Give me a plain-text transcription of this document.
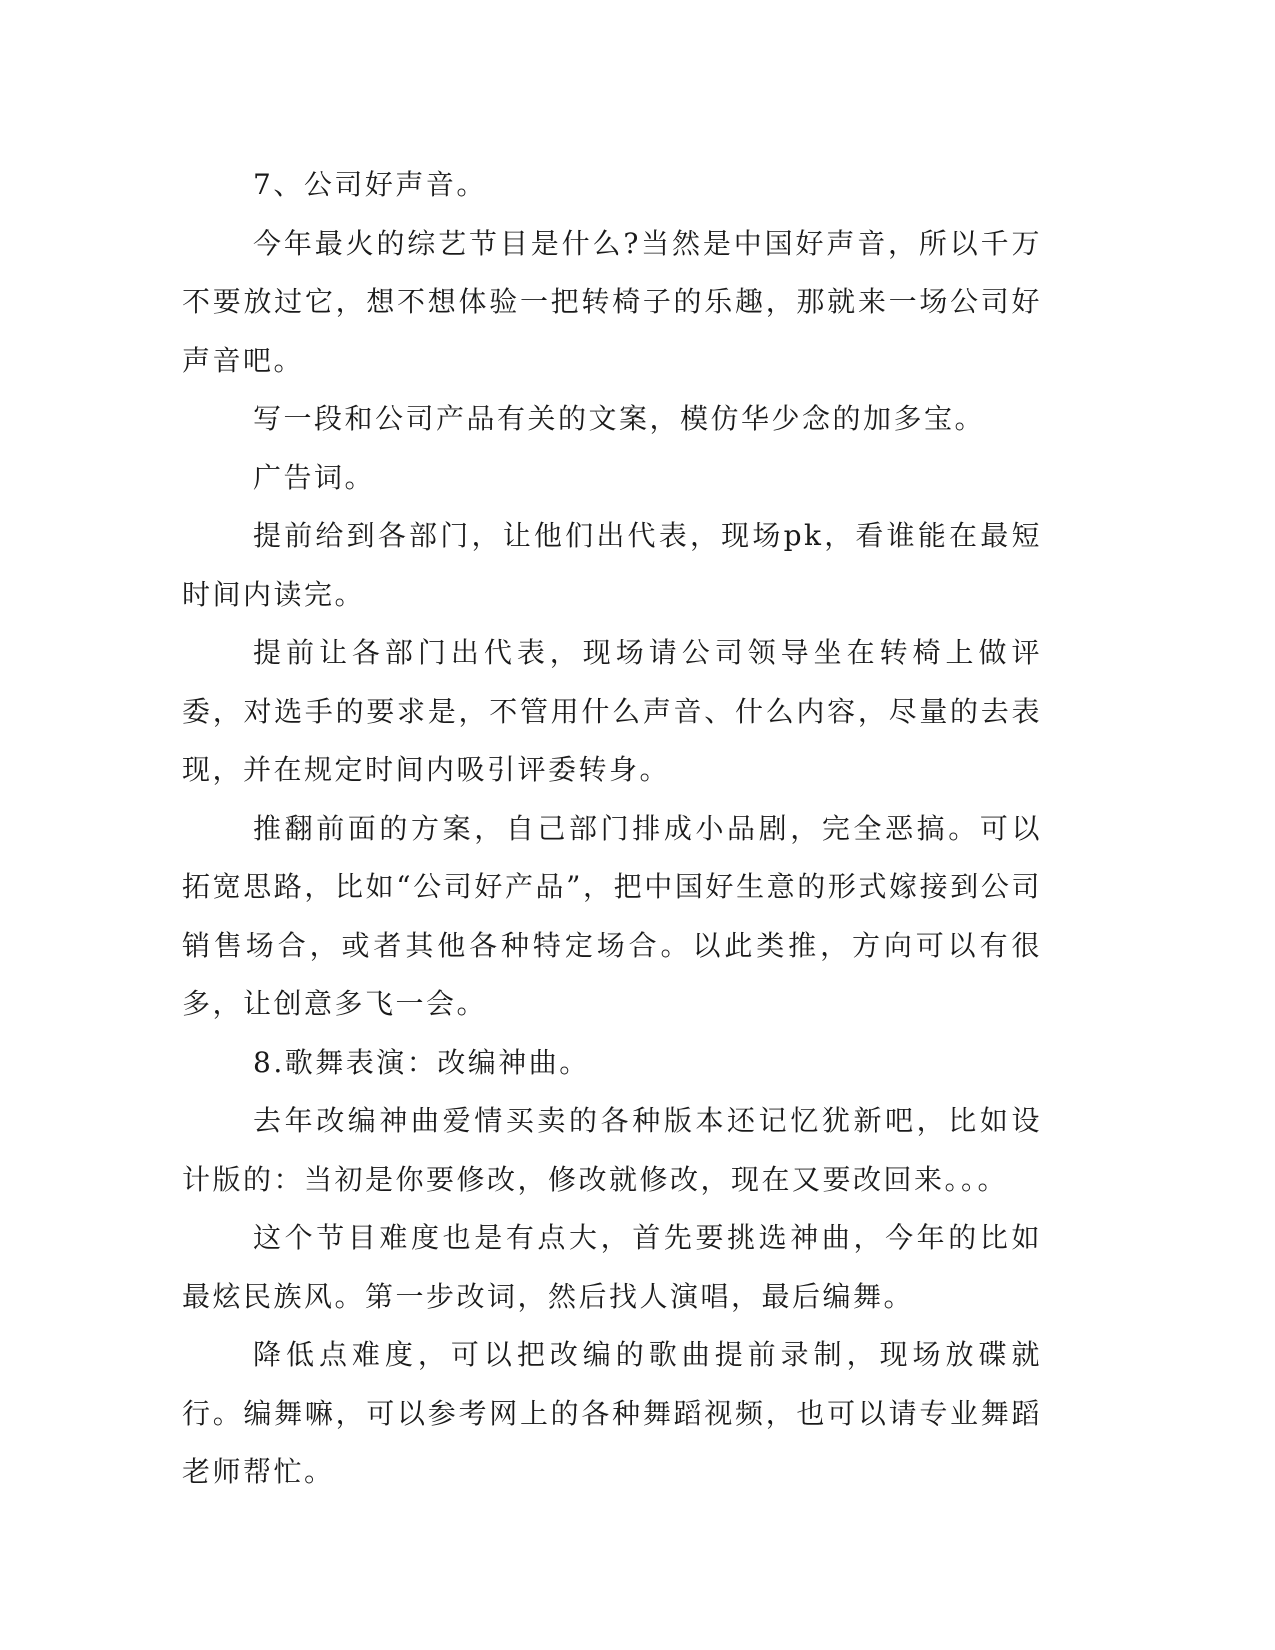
7、公司好声音。

今年最火的综艺节目是什么?当然是中国好声音，所以千万不要放过它，想不想体验一把转椅子的乐趣，那就来一场公司好声音吧。

写一段和公司产品有关的文案，模仿华少念的加多宝。

广告词。

提前给到各部门，让他们出代表，现场pk，看谁能在最短时间内读完。

提前让各部门出代表，现场请公司领导坐在转椅上做评委，对选手的要求是，不管用什么声音、什么内容，尽量的去表现，并在规定时间内吸引评委转身。

推翻前面的方案，自己部门排成小品剧，完全恶搞。可以拓宽思路，比如“公司好产品”，把中国好生意的形式嫁接到公司销售场合，或者其他各种特定场合。以此类推，方向可以有很多，让创意多飞一会。

8.歌舞表演：改编神曲。

去年改编神曲爱情买卖的各种版本还记忆犹新吧，比如设计版的：当初是你要修改，修改就修改，现在又要改回来。。。

这个节目难度也是有点大，首先要挑选神曲，今年的比如最炫民族风。第一步改词，然后找人演唱，最后编舞。

降低点难度，可以把改编的歌曲提前录制，现场放碟就行。编舞嘛，可以参考网上的各种舞蹈视频，也可以请专业舞蹈老师帮忙。
